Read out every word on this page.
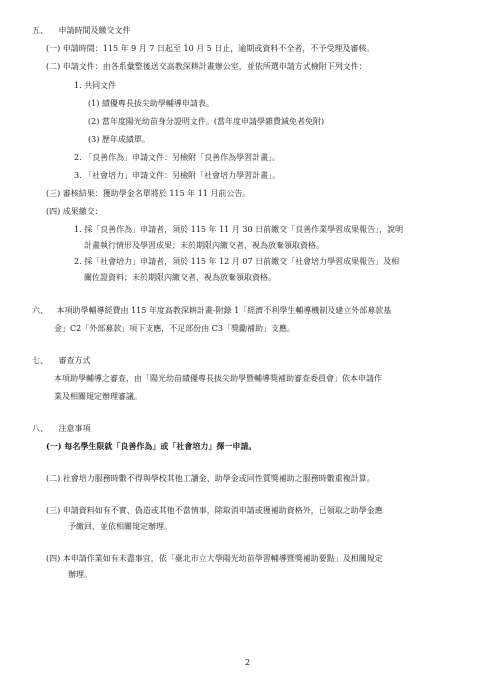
五、 申請時間及繳交文件
(一) 申請時間：115 年 9 月 7 日起至 10 月 5 日止，逾期或資料不全者，不予受理及審核。
(二) 申請文件：由各系彙整後送交高教深耕計畫辦公室，並依所選申請方式檢附下列文件：
1. 共同文件
(1) 績優專長拔尖助學輔導申請表。
(2) 當年度陽光幼苗身分證明文件。(當年度申請學雜費減免者免附)
(3) 歷年成績單。
2. 「良善作為」申請文件：另檢附「良善作為學習計畫」。
3. 「社會培力」申請文件：另檢附「社會培力學習計畫」。
(三) 審核結果：獲助學金名單將於 115 年 11 月前公告。
(四) 成果繳交：
1. 採「良善作為」申請者，須於 115 年 11 月 30 日前繳交「良善作業學習成果報告」，說明
計畫執行情形及學習成果；未於期限內繳交者，視為放棄領取資格。
2. 採「社會培力」申請者，須於 115 年 12 月 07 日前繳交「社會培力學習成果報告」及相
關佐證資料；未於期限內繳交者，視為放棄領取資格。
六、 本項助學輔導經費由 115 年度高教深耕計畫-附錄 1「經濟不利學生輔導機制及建立外部募款基
金」C2「外部募款」項下支應，不足部份由 C3「獎勵補助」支應。
七、 審查方式
本項助學輔導之審查，由「陽光幼苗績優專長拔尖助學暨輔導獎補助審查委員會」依本申請作
業及相關規定辦理審議。
八、 注意事項
(一) 每名學生限就「良善作為」或「社會培力」擇一申請。
(二) 社會培力服務時數不得與學校其他工讀金、助學金或同性質獎補助之服務時數重複計算。
(三) 申請資料如有不實、偽造或其他不當情事，除取消申請或獲補助資格外，已領取之助學金應
予繳回，並依相關規定辦理。
(四) 本申請作業如有未盡事宜，依「臺北市立大學陽光幼苗學習輔導暨獎補助要點」及相關規定
辦理。
2
